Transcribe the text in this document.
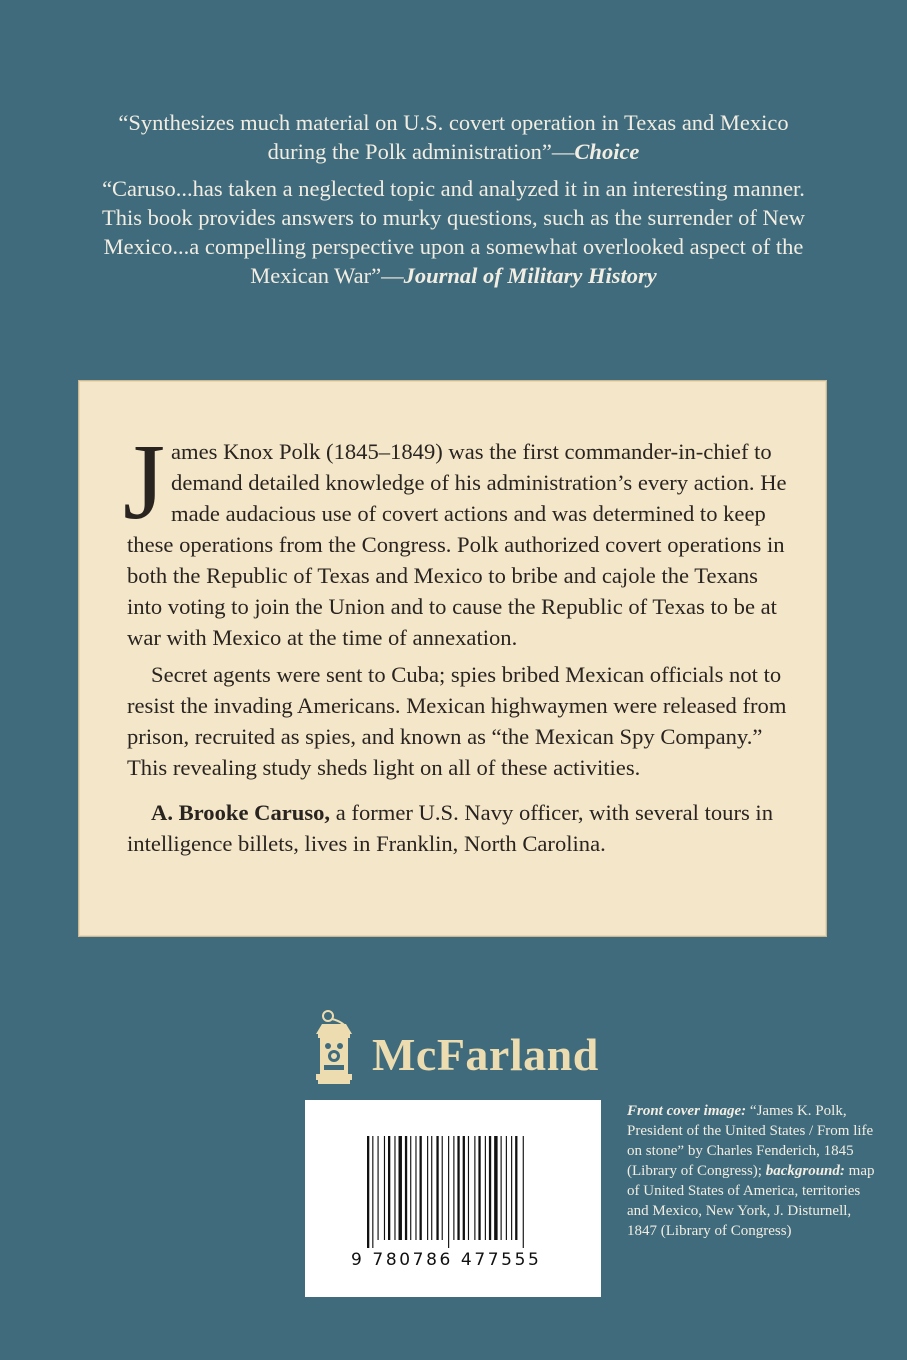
“Synthesizes much material on U.S. covert operation in Texas and Mexico during the Polk administration”—Choice

“Caruso...has taken a neglected topic and analyzed it in an interesting manner. This book provides answers to murky questions, such as the surrender of New Mexico...a compelling perspective upon a somewhat overlooked aspect of the Mexican War”—Journal of Military History

James Knox Polk (1845–1849) was the first commander-in-chief to demand detailed knowledge of his administration’s every action. He made audacious use of covert actions and was determined to keep these operations from the Congress. Polk authorized covert operations in both the Republic of Texas and Mexico to bribe and cajole the Texans into voting to join the Union and to cause the Republic of Texas to be at war with Mexico at the time of annexation.

Secret agents were sent to Cuba; spies bribed Mexican officials not to resist the invading Americans. Mexican highwaymen were released from prison, recruited as spies, and known as “the Mexican Spy Company.” This revealing study sheds light on all of these activities.

A. Brooke Caruso, a former U.S. Navy officer, with several tours in intelligence billets, lives in Franklin, North Carolina.

McFarland
9 780786 477555
Front cover image: “James K. Polk, President of the United States / From life on stone” by Charles Fenderich, 1845 (Library of Congress); background: map of United States of America, territories and Mexico, New York, J. Disturnell, 1847 (Library of Congress)
